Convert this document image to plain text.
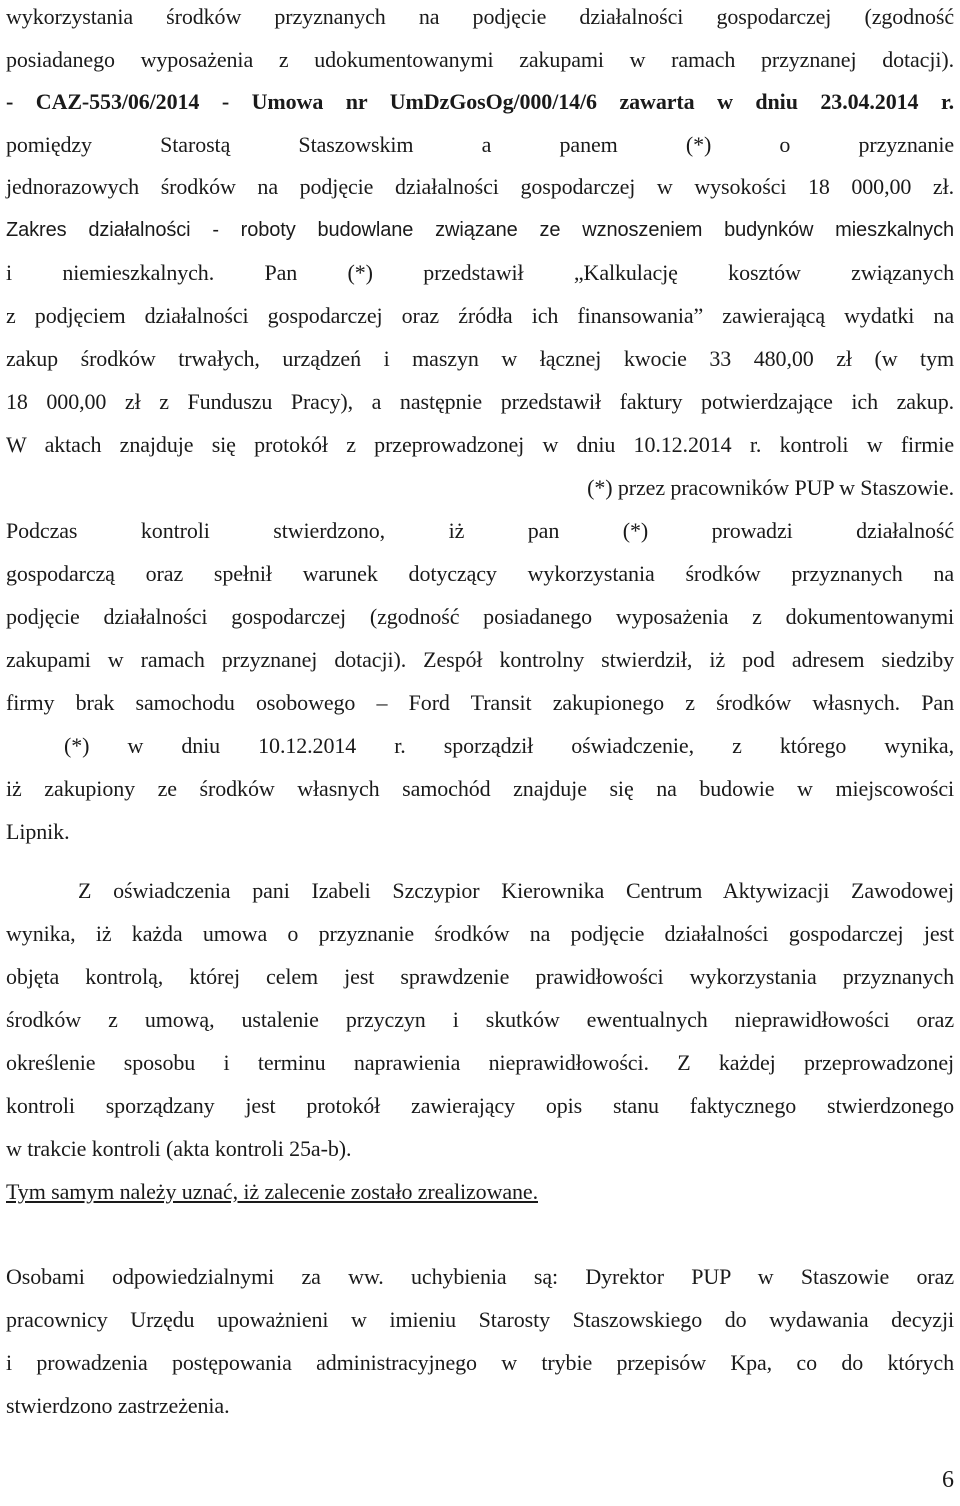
wykorzystania środków przyznanych na podjęcie działalności gospodarczej (zgodność
posiadanego wyposażenia z udokumentowanymi zakupami w ramach przyznanej dotacji).
- CAZ-553/06/2014 - Umowa nr UmDzGosOg/000/14/6 zawarta w dniu 23.04.2014 r.
pomiędzy Starostą Staszowskim a panem (*) o przyznanie
jednorazowych środków na podjęcie działalności gospodarczej w wysokości 18 000,00 zł.
Zakres działalności - roboty budowlane związane ze wznoszeniem budynków mieszkalnych
i niemieszkalnych. Pan (*) przedstawił „Kalkulację kosztów związanych
z podjęciem działalności gospodarczej oraz źródła ich finansowania” zawierającą wydatki na
zakup środków trwałych, urządzeń i maszyn w łącznej kwocie 33 480,00 zł (w tym
18 000,00 zł z Funduszu Pracy), a następnie przedstawił faktury potwierdzające ich zakup.
W aktach znajduje się protokół z przeprowadzonej w dniu 10.12.2014 r. kontroli w firmie
(*) przez pracowników PUP w Staszowie.
Podczas kontroli stwierdzono, iż pan (*) prowadzi działalność
gospodarczą oraz spełnił warunek dotyczący wykorzystania środków przyznanych na
podjęcie działalności gospodarczej (zgodność posiadanego wyposażenia z dokumentowanymi
zakupami w ramach przyznanej dotacji). Zespół kontrolny stwierdził, iż pod adresem siedziby
firmy brak samochodu osobowego – Ford Transit zakupionego z środków własnych. Pan
(*) w dniu 10.12.2014 r. sporządził oświadczenie, z którego wynika,
iż zakupiony ze środków własnych samochód znajduje się na budowie w miejscowości
Lipnik.
Z oświadczenia pani Izabeli Szczypior Kierownika Centrum Aktywizacji Zawodowej
wynika, iż każda umowa o przyznanie środków na podjęcie działalności gospodarczej jest
objęta kontrolą, której celem jest sprawdzenie prawidłowości wykorzystania przyznanych
środków z umową, ustalenie przyczyn i skutków ewentualnych nieprawidłowości oraz
określenie sposobu i terminu naprawienia nieprawidłowości. Z każdej przeprowadzonej
kontroli sporządzany jest protokół zawierający opis stanu faktycznego stwierdzonego
w trakcie kontroli (akta kontroli 25a-b).
Tym samym należy uznać, iż zalecenie zostało zrealizowane.
Osobami odpowiedzialnymi za ww. uchybienia są: Dyrektor PUP w Staszowie oraz
pracownicy Urzędu upoważnieni w imieniu Starosty Staszowskiego do wydawania decyzji
i prowadzenia postępowania administracyjnego w trybie przepisów Kpa, co do których
stwierdzono zastrzeżenia.
6
